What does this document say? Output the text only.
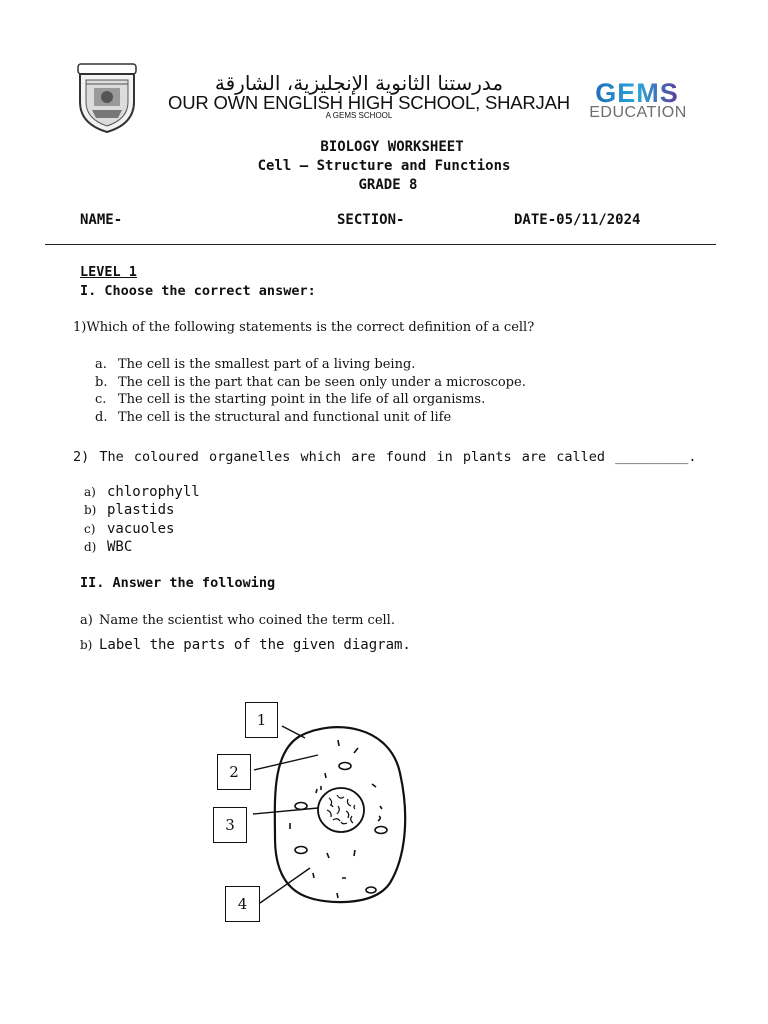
مدرستنا الثانوية الإنجليزية، الشارقة
OUR OWN ENGLISH HIGH SCHOOL, SHARJAH
A GEMS SCHOOL
GEMS
EDUCATION
BIOLOGY WORKSHEET
Cell – Structure and Functions
GRADE 8
NAME-	SECTION-	DATE-05/11/2024
LEVEL 1
I. Choose the correct answer:
1)Which of the following statements is the correct definition of a cell?
a. The cell is the smallest part of a living being.
b. The cell is the part that can be seen only under a microscope.
c. The cell is the starting point in the life of all organisms.
d. The cell is the structural and functional unit of life
2) The coloured organelles which are found in plants are called _________.
a) chlorophyll
b) plastids
c) vacuoles
d) WBC
II. Answer the following
a) Name the scientist who coined the term cell.
b) Label the parts of the given diagram.
1
2
3
4
